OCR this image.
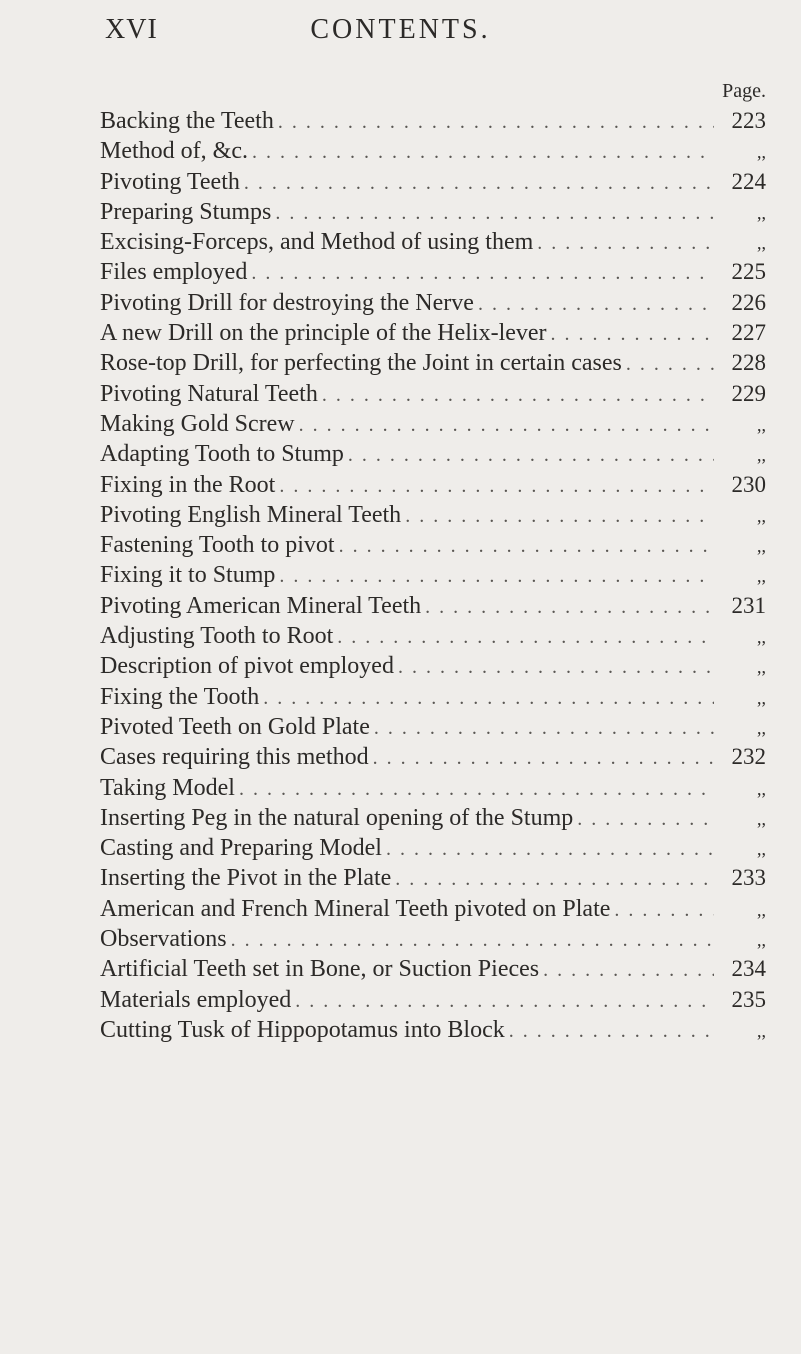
XVI	CONTENTS.
Page.
Backing the Teeth . . .	223
Method of, &c. . . .	,,
Pivoting Teeth . . .	224
Preparing Stumps . . .	,,
Excising-Forceps, and Method of using them . . .	,,
Files employed . . .	225
Pivoting Drill for destroying the Nerve . . .	226
A new Drill on the principle of the Helix-lever . . .	227
Rose-top Drill, for perfecting the Joint in certain cases . . .	228
Pivoting Natural Teeth . . .	229
Making Gold Screw . . .	,,
Adapting Tooth to Stump . . .	,,
Fixing in the Root . . .	230
Pivoting English Mineral Teeth . . .	,,
Fastening Tooth to pivot . . .	,,
Fixing it to Stump . . .	,,
Pivoting American Mineral Teeth . . .	231
Adjusting Tooth to Root . . .	,,
Description of pivot employed . . .	,,
Fixing the Tooth . . .	,,
Pivoted Teeth on Gold Plate . . .	,,
Cases requiring this method . . .	232
Taking Model . . .	,,
Inserting Peg in the natural opening of the Stump . . .	,,
Casting and Preparing Model . . .	,,
Inserting the Pivot in the Plate . . .	233
American and French Mineral Teeth pivoted on Plate . . .	,,
Observations . . .	,,
Artificial Teeth set in Bone, or Suction Pieces . . .	234
Materials employed . . .	235
Cutting Tusk of Hippopotamus into Block . . .	,,
